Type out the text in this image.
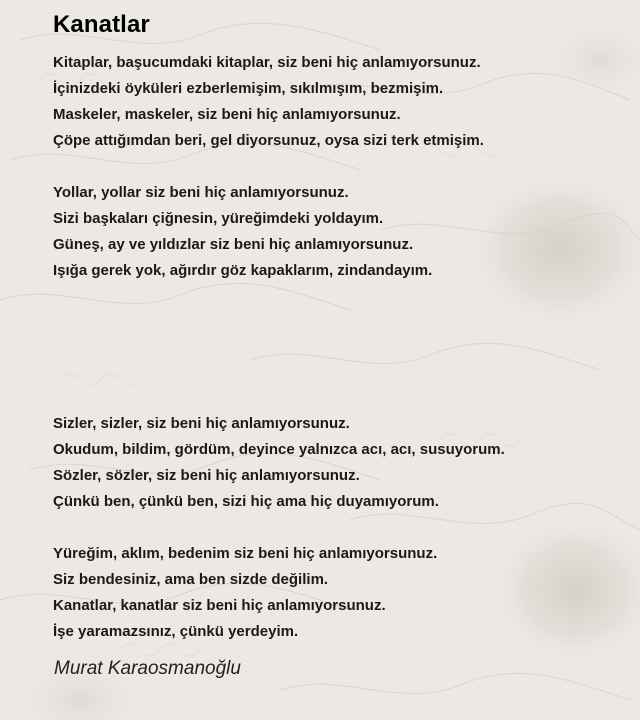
Kanatlar
Kitaplar, başucumdaki kitaplar, siz beni hiç anlamıyorsunuz.
İçinizdeki öyküleri ezberlemişim, sıkılmışım, bezmişim.
Maskeler, maskeler, siz beni hiç anlamıyorsunuz.
Çöpe attığımdan beri, gel diyorsunuz, oysa sizi terk etmişim.
Yollar, yollar siz beni hiç anlamıyorsunuz.
Sizi başkaları çiğnesin, yüreğimdeki yoldayım.
Güneş, ay ve yıldızlar siz beni hiç anlamıyorsunuz.
Işığa gerek yok, ağırdır göz kapaklarım, zindandayım.
Sizler, sizler, siz beni hiç anlamıyorsunuz.
Okudum, bildim, gördüm, deyince yalnızca acı, acı, susuyorum.
Sözler, sözler, siz beni hiç anlamıyorsunuz.
Çünkü ben, çünkü ben, sizi hiç ama hiç duyamıyorum.
Yüreğim, aklım, bedenim siz beni hiç anlamıyorsunuz.
Siz bendesiniz, ama ben sizde değilim.
Kanatlar, kanatlar siz beni hiç anlamıyorsunuz.
İşe yaramazsınız, çünkü yerdeyim.

Murat Karaosmanoğlu
